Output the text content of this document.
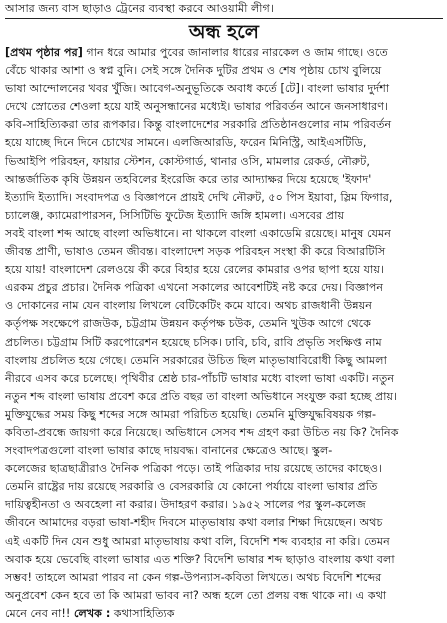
আসার জন্য বাস ছাড়াও ট্রেনের ব্যবস্থা করবে আওয়ামী লীগ।
অন্ধ হলে
[প্রথম পৃষ্ঠার পর] গান ধরে আমার পুবের জানালার ধারের নারকেল ও জাম গাছে। ওতে
বেঁচে থাকার আশা ও স্বপ্ন বুনি। সেই সঙ্গে দৈনিক দুটির প্রথম ও শেষ পৃষ্ঠায় চোখ বুলিয়ে
ভাষা আন্দোলনের খবর খুঁজি। আবেগ-অনুভূতিকে অবাধ কর্তে [টে]। বাংলা ভাষার দুর্দশা
দেখে স্রোতের শেওলা হয়ে যাই অনুসন্ধানের মধ্যেই। ভাষার পরিবর্তন আনে জনসাধারণ।
কবি-সাহিত্যিকরা তার রূপকার। কিন্তু বাংলাদেশের সরকারি প্রতিষ্ঠানগুলোর নাম পরিবর্তন
হয়ে যাচ্ছে দিনে দিনে চোখের সামনে। এলজিআরডি, ফরেন মিনিস্ট্রি, আইএসটিডি,
ভিআইপি পরিবহন, ফায়ার স্টেশন, কোস্টগার্ড, থানার ওসি, মামলার রেকর্ড, নৌরুট,
আন্তর্জাতিক কৃষি উন্নয়ন তহবিলের ইংরেজি করে তার আদ্যাক্ষর দিয়ে হয়েছে 'ইফাদ'
ইত্যাদি ইত্যাদি। সংবাদপত্র ও বিজ্ঞাপনে প্রায়ই দেখি নৌরুট, ৫০ পিস ইয়াবা, স্লিম ফিগার,
চ্যালেঞ্জ, ক্যামেরাপারসন, সিসিটিভি ফুটেজ ইত্যাদি জঙ্গি হামলা। এসবের প্রায়
সবই বাংলা শব্দ আছে বাংলা অভিধানে। না থাকলে বাংলা একাডেমি রয়েছে। মানুষ যেমন
জীবন্ত প্রাণী, ভাষাও তেমন জীবন্ত। বাংলাদেশ সড়ক পরিবহন সংস্থা কী করে বিআরটিসি
হয়ে যায়! বাংলাদেশ রেলওয়ে কী করে বিহার হয়ে রেলের কামরার ওপর ছাপা হয়ে যায়।
এরকম প্রচুর প্রচার। দৈনিক পত্রিকা এখনো সকালের আবেশটিই নষ্ট করে দেয়। বিজ্ঞাপন
ও দোকানের নাম যেন বাংলায় লিখলে বেটিকেটিং কমে যাবে। অথচ রাজধানী উন্নয়ন
কর্তৃপক্ষ সংক্ষেপে রাজউক, চট্টগ্রাম উন্নয়ন কর্তৃপক্ষ চউক, তেমনি খুউক আগে থেকে
প্রচলিত। চট্টগ্রাম সিটি করপোরেশন হয়েছে চসিক। ঢাবি, চবি, রাবি প্রভৃতি সংক্ষিপ্ত নাম
বাংলায় প্রচলিত হয়ে গেছে। তেমনি সরকারের উচিত ছিল মাতৃভাষাবিরোধী কিছু আমলা
নীরবে এসব করে চলেছে। পৃথিবীর শ্রেষ্ঠ চার-পাঁচটি ভাষার মধ্যে বাংলা ভাষা একটি। নতুন
নতুন শব্দ বাংলা ভাষায় প্রবেশ করে প্রতি বছর তা বাংলা অভিধানে সংযুক্ত করা হচ্ছে প্রায়।
মুক্তিযুদ্ধের সময় কিছু শব্দের সঙ্গে আমরা পরিচিত হয়েছি। তেমনি মুক্তিযুদ্ধবিষয়ক গল্প-
কবিতা-প্রবন্ধে জায়গা করে নিয়েছে। অভিধানে সেসব শব্দ গ্রহণ করা উচিত নয় কি? দৈনিক
সংবাদপত্রগুলো বাংলা ভাষার কাছে দায়বদ্ধ। বানানের ক্ষেত্রেও আছে। স্কুল-
কলেজের ছাত্রছাত্রীরাও দৈনিক পত্রিকা পড়ে। তাই পত্রিকার দায় রয়েছে তাদের কাছেও।
তেমনি রাষ্ট্রের দায় রয়েছে সরকারি ও বেসরকারি যে কোনো পর্যায়ে বাংলা ভাষার প্রতি
দায়িত্বহীনতা ও অবহেলা না করার। উদাহরণ করার। ১৯৫২ সালের পর স্কুল-কলেজ
জীবনে আমাদের বড়রা ভাষা-শহীদ দিবসে মাতৃভাষায় কথা বলার শিক্ষা দিয়েছেন। অথচ
এই একটি দিন যেন শুধু আমরা মাতৃভাষায় কথা বলি, বিদেশি শব্দ ব্যবহার না করি। তেমন
অবাক হয়ে ভেবেছি বাংলা ভাষার এত শক্তি? বিদেশি ভাষার শব্দ ছাড়াও বাংলায় কথা বলা
সম্ভব! তাহলে আমরা পারব না কেন গল্প-উপন্যাস-কবিতা লিখতে। অথচ বিদেশি শব্দের
অনুপ্রবেশ কেন হবে তা কি আমরা ভাবব না? অন্ধ হলে তো প্রলয় বন্ধ থাকে না। এ কথা
মেনে নেব না!! লেখক : কথাসাহিত্যিক
